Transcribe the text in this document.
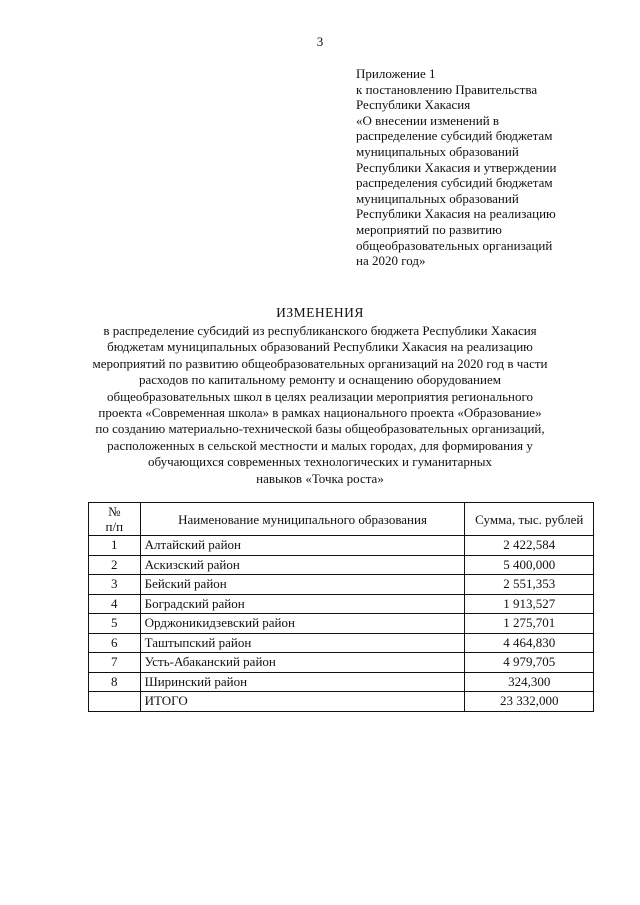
3
Приложение 1
к постановлению Правительства
Республики Хакасия
«О внесении изменений в
распределение субсидий бюджетам
муниципальных образований
Республики Хакасия и утверждении
распределения субсидий бюджетам
муниципальных образований
Республики Хакасия на реализацию
мероприятий по развитию
общеобразовательных организаций
на 2020 год»
ИЗМЕНЕНИЯ
в распределение субсидий из республиканского бюджета Республики Хакасия
бюджетам муниципальных образований Республики Хакасия на реализацию
мероприятий по развитию общеобразовательных организаций на 2020 год в части
расходов по капитальному ремонту и оснащению оборудованием
общеобразовательных школ в целях реализации мероприятия регионального
проекта «Современная школа» в рамках национального проекта «Образование»
по созданию материально-технической базы общеобразовательных организаций,
расположенных в сельской местности и малых городах, для формирования у
обучающихся современных технологических и гуманитарных
навыков «Точка роста»
№
п/п	Наименование муниципального образования	Сумма, тыс. рублей
1	Алтайский район	2 422,584
2	Аскизский район	5 400,000
3	Бейский район	2 551,353
4	Боградский район	1 913,527
5	Орджоникидзевский район	1 275,701
6	Таштыпский район	4 464,830
7	Усть-Абаканский район	4 979,705
8	Ширинский район	324,300
	ИТОГО	23 332,000
